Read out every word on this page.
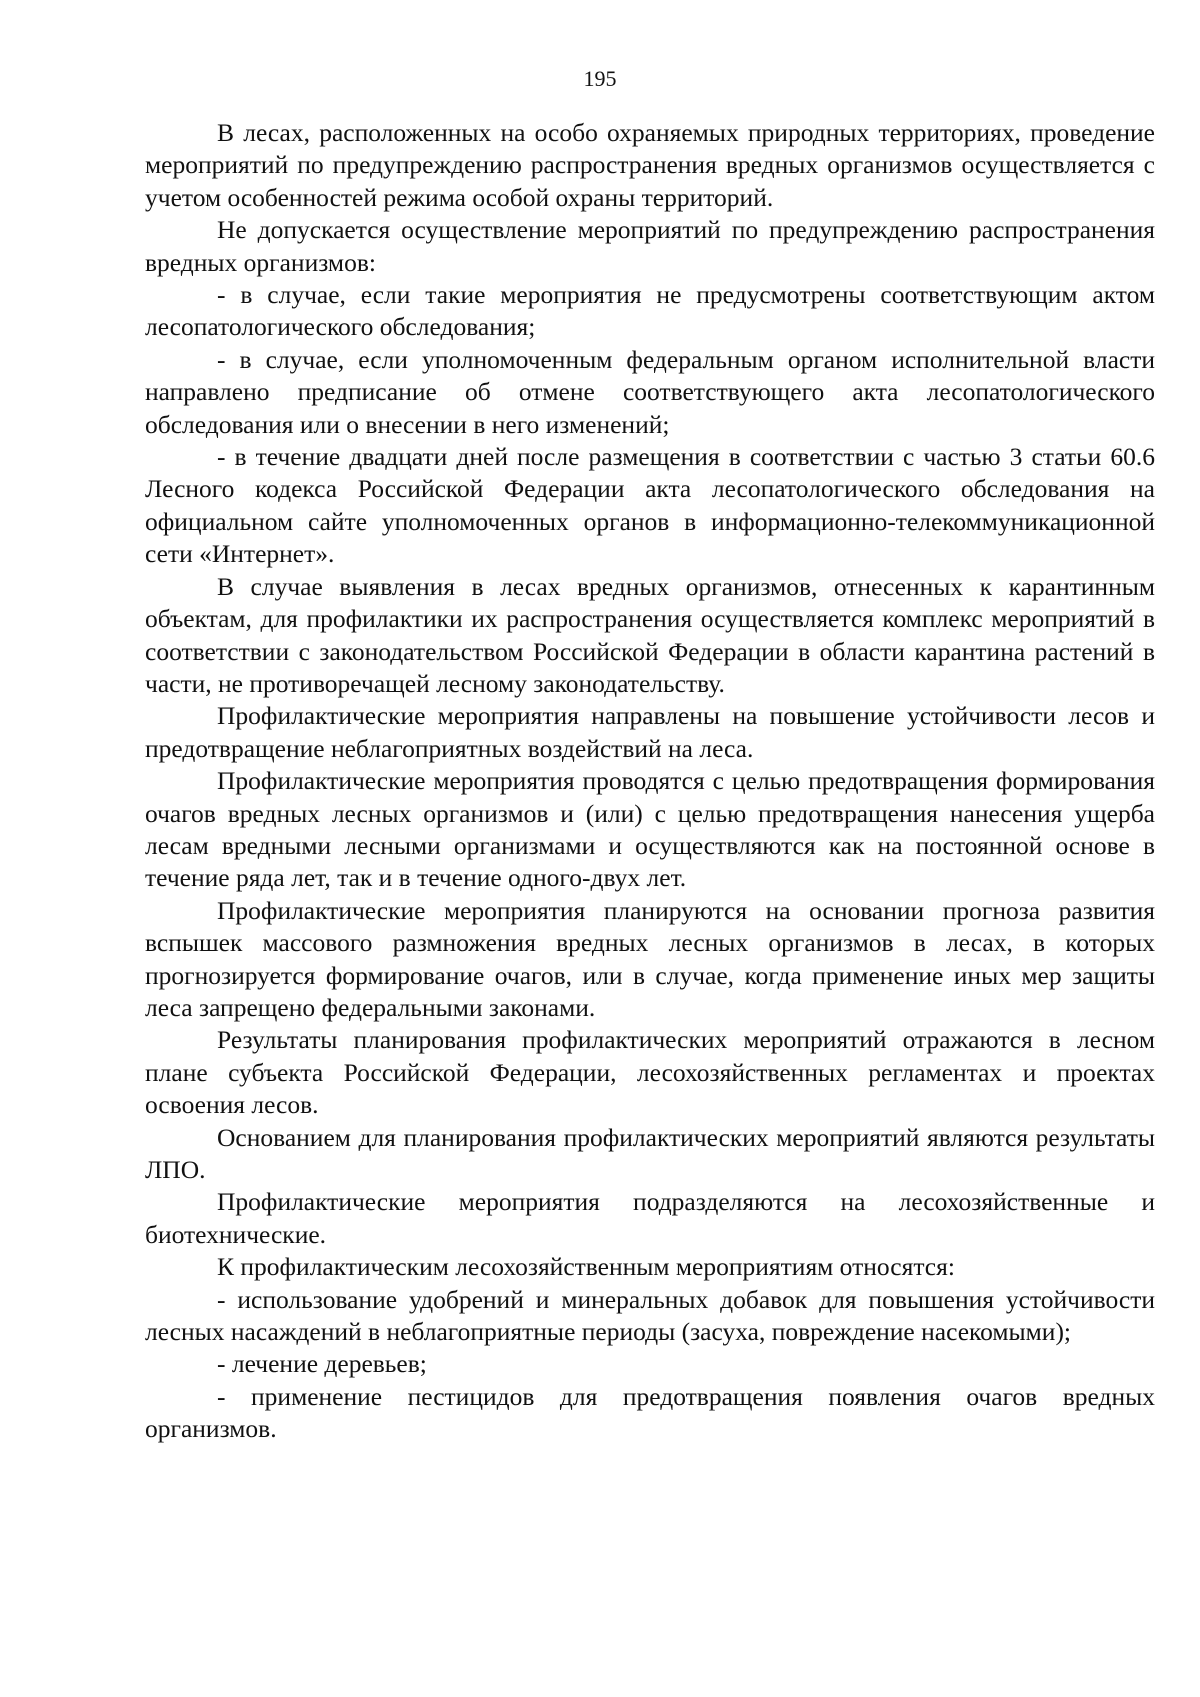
195

В лесах, расположенных на особо охраняемых природных территориях, проведение мероприятий по предупреждению распространения вредных организмов осуществляется с учетом особенностей режима особой охраны территорий.

Не допускается осуществление мероприятий по предупреждению распространения вредных организмов:

- в случае, если такие мероприятия не предусмотрены соответствующим актом лесопатологического обследования;

- в случае, если уполномоченным федеральным органом исполнительной власти направлено предписание об отмене соответствующего акта лесопатологического обследования или о внесении в него изменений;

- в течение двадцати дней после размещения в соответствии с частью 3 статьи 60.6 Лесного кодекса Российской Федерации акта лесопатологического обследования на официальном сайте уполномоченных органов в информационно-телекоммуникационной сети «Интернет».

В случае выявления в лесах вредных организмов, отнесенных к карантинным объектам, для профилактики их распространения осуществляется комплекс мероприятий в соответствии с законодательством Российской Федерации в области карантина растений в части, не противоречащей лесному законодательству.

Профилактические мероприятия направлены на повышение устойчивости лесов и предотвращение неблагоприятных воздействий на леса.

Профилактические мероприятия проводятся с целью предотвращения формирования очагов вредных лесных организмов и (или) с целью предотвращения нанесения ущерба лесам вредными лесными организмами и осуществляются как на постоянной основе в течение ряда лет, так и в течение одного-двух лет.

Профилактические мероприятия планируются на основании прогноза развития вспышек массового размножения вредных лесных организмов в лесах, в которых прогнозируется формирование очагов, или в случае, когда применение иных мер защиты леса запрещено федеральными законами.

Результаты планирования профилактических мероприятий отражаются в лесном плане субъекта Российской Федерации, лесохозяйственных регламентах и проектах освоения лесов.

Основанием для планирования профилактических мероприятий являются результаты ЛПО.

Профилактические мероприятия подразделяются на лесохозяйственные и биотехнические.

К профилактическим лесохозяйственным мероприятиям относятся:

- использование удобрений и минеральных добавок для повышения устойчивости лесных насаждений в неблагоприятные периоды (засуха, повреждение насекомыми);

- лечение деревьев;

- применение пестицидов для предотвращения появления очагов вредных организмов.
